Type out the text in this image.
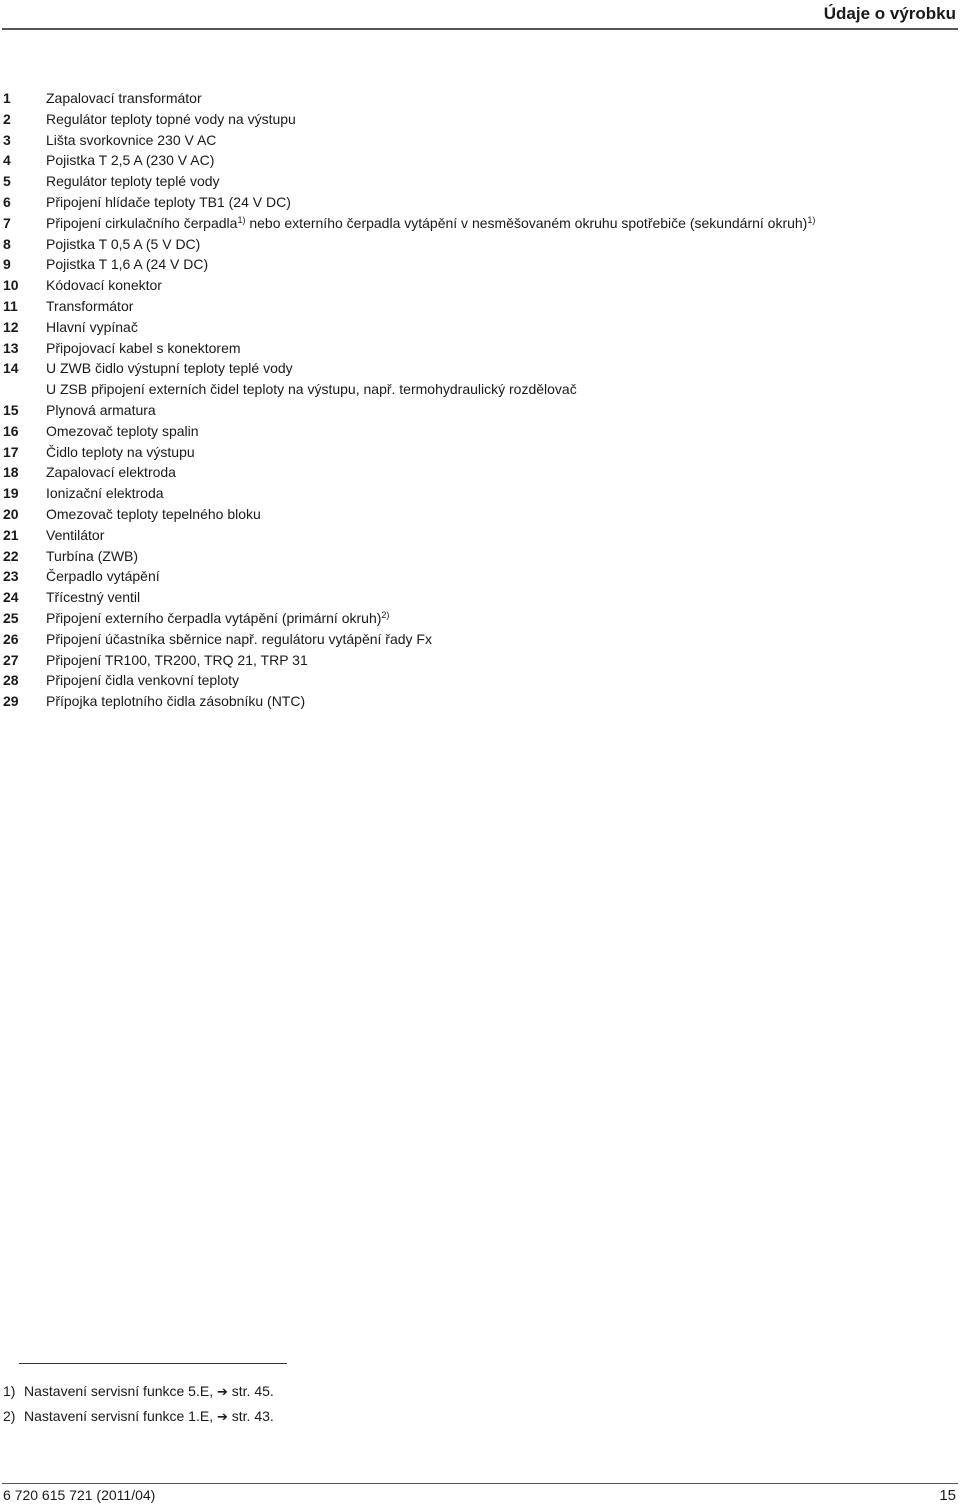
Údaje o výrobku
1	Zapalovací transformátor
2	Regulátor teploty topné vody na výstupu
3	Lišta svorkovnice 230 V AC
4	Pojistka T 2,5 A (230 V AC)
5	Regulátor teploty teplé vody
6	Připojení hlídače teploty TB1 (24 V DC)
7	Připojení cirkulačního čerpadla$^{1)}$ nebo externího čerpadla vytápění v nesměšovaném okruhu spotřebiče (sekundární okruh)$^{1)}$
8	Pojistka T 0,5 A (5 V DC)
9	Pojistka T 1,6 A (24 V DC)
10	Kódovací konektor
11	Transformátor
12	Hlavní vypínač
13	Připojovací kabel s konektorem
14	U ZWB čidlo výstupní teploty teplé vody
U ZSB připojení externích čidel teploty na výstupu, např. termohydraulický rozdělovač
15	Plynová armatura
16	Omezovač teploty spalin
17	Čidlo teploty na výstupu
18	Zapalovací elektroda
19	Ionizační elektroda
20	Omezovač teploty tepelného bloku
21	Ventilátor
22	Turbína (ZWB)
23	Čerpadlo vytápění
24	Třícestný ventil
25	Připojení externího čerpadla vytápění (primární okruh)$^{2)}$
26	Připojení účastníka sběrnice např. regulátoru vytápění řady Fx
27	Připojení TR100, TR200, TRQ 21, TRP 31
28	Připojení čidla venkovní teploty
29	Přípojka teplotního čidla zásobníku (NTC)
1) Nastavení servisní funkce 5.E, ➔ str. 45.
2) Nastavení servisní funkce 1.E, ➔ str. 43.
6 720 615 721 (2011/04)	15
